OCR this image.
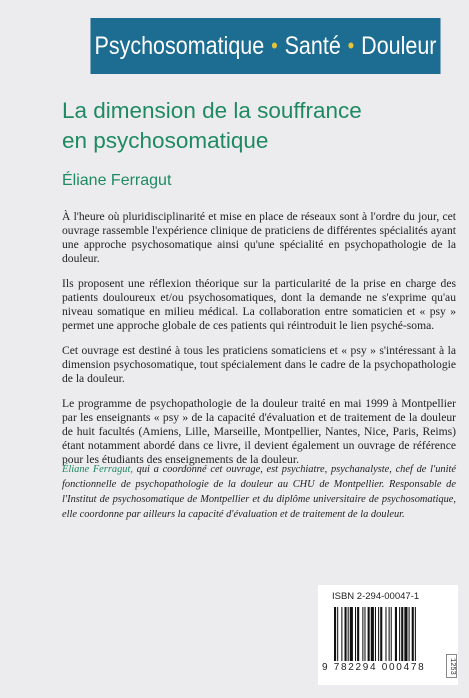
Psychosomatique • Santé • Douleur
La dimension de la souffrance
en psychosomatique
Éliane Ferragut

À l'heure où pluridisciplinarité et mise en place de réseaux sont à l'ordre du jour, cet ouvrage rassemble l'expérience clinique de praticiens de différentes spécialités ayant une approche psychosomatique ainsi qu'une spécialité en psychopathologie de la douleur.

Ils proposent une réflexion théorique sur la particularité de la prise en charge des patients douloureux et/ou psychosomatiques, dont la demande ne s'exprime qu'au niveau somatique en milieu médical. La collaboration entre somaticien et « psy » permet une approche globale de ces patients qui réintroduit le lien psyché-soma.

Cet ouvrage est destiné à tous les praticiens somaticiens et « psy » s'intéressant à la dimension psychosomatique, tout spécialement dans le cadre de la psychopathologie de la douleur.

Le programme de psychopathologie de la douleur traité en mai 1999 à Montpellier par les enseignants « psy » de la capacité d'évaluation et de traitement de la douleur de huit facultés (Amiens, Lille, Marseille, Montpellier, Nantes, Nice, Paris, Reims) étant notamment abordé dans ce livre, il devient également un ouvrage de référence pour les étudiants des enseignements de la douleur.

Éliane Ferragut, qui a coordonné cet ouvrage, est psychiatre, psychanalyste, chef de l'unité fonctionnelle de psychopathologie de la douleur au CHU de Montpellier. Responsable de l'Institut de psychosomatique de Montpellier et du diplôme universitaire de psychosomatique, elle coordonne par ailleurs la capacité d'évaluation et de traitement de la douleur.
ISBN 2-294-00047-1
9 782294 000478	1253
